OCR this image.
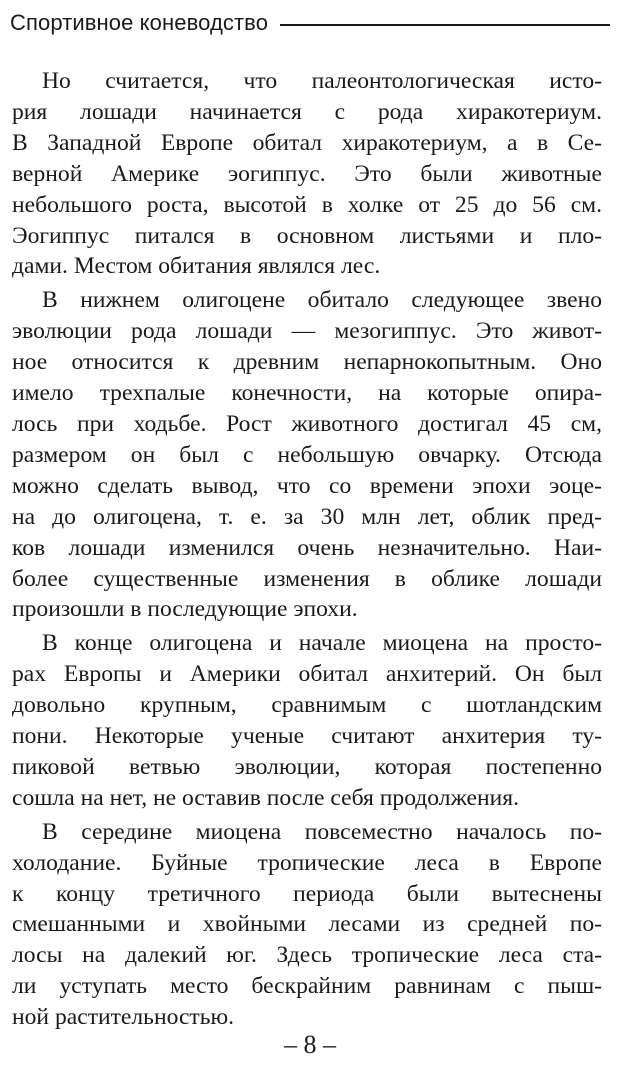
Спортивное коневодство

Но считается, что палеонтологическая исто-
рия лошади начинается с рода хиракотериум.
В Западной Европе обитал хиракотериум, а в Се-
верной Америке эогиппус. Это были животные
небольшого роста, высотой в холке от 25 до 56 см.
Эогиппус питался в основном листьями и пло-
дами. Местом обитания являлся лес.

В нижнем олигоцене обитало следующее звено
эволюции рода лошади — мезогиппус. Это живот-
ное относится к древним непарнокопытным. Оно
имело трехпалые конечности, на которые опира-
лось при ходьбе. Рост животного достигал 45 см,
размером он был с небольшую овчарку. Отсюда
можно сделать вывод, что со времени эпохи эоце-
на до олигоцена, т. е. за 30 млн лет, облик пред-
ков лошади изменился очень незначительно. Наи-
более существенные изменения в облике лошади
произошли в последующие эпохи.

В конце олигоцена и начале миоцена на просто-
рах Европы и Америки обитал анхитерий. Он был
довольно крупным, сравнимым с шотландским
пони. Некоторые ученые считают анхитерия ту-
пиковой ветвью эволюции, которая постепенно
сошла на нет, не оставив после себя продолжения.

В середине миоцена повсеместно началось по-
холодание. Буйные тропические леса в Европе
к концу третичного периода были вытеснены
смешанными и хвойными лесами из средней по-
лосы на далекий юг. Здесь тропические леса ста-
ли уступать место бескрайним равнинам с пыш-
ной растительностью.

– 8 –
